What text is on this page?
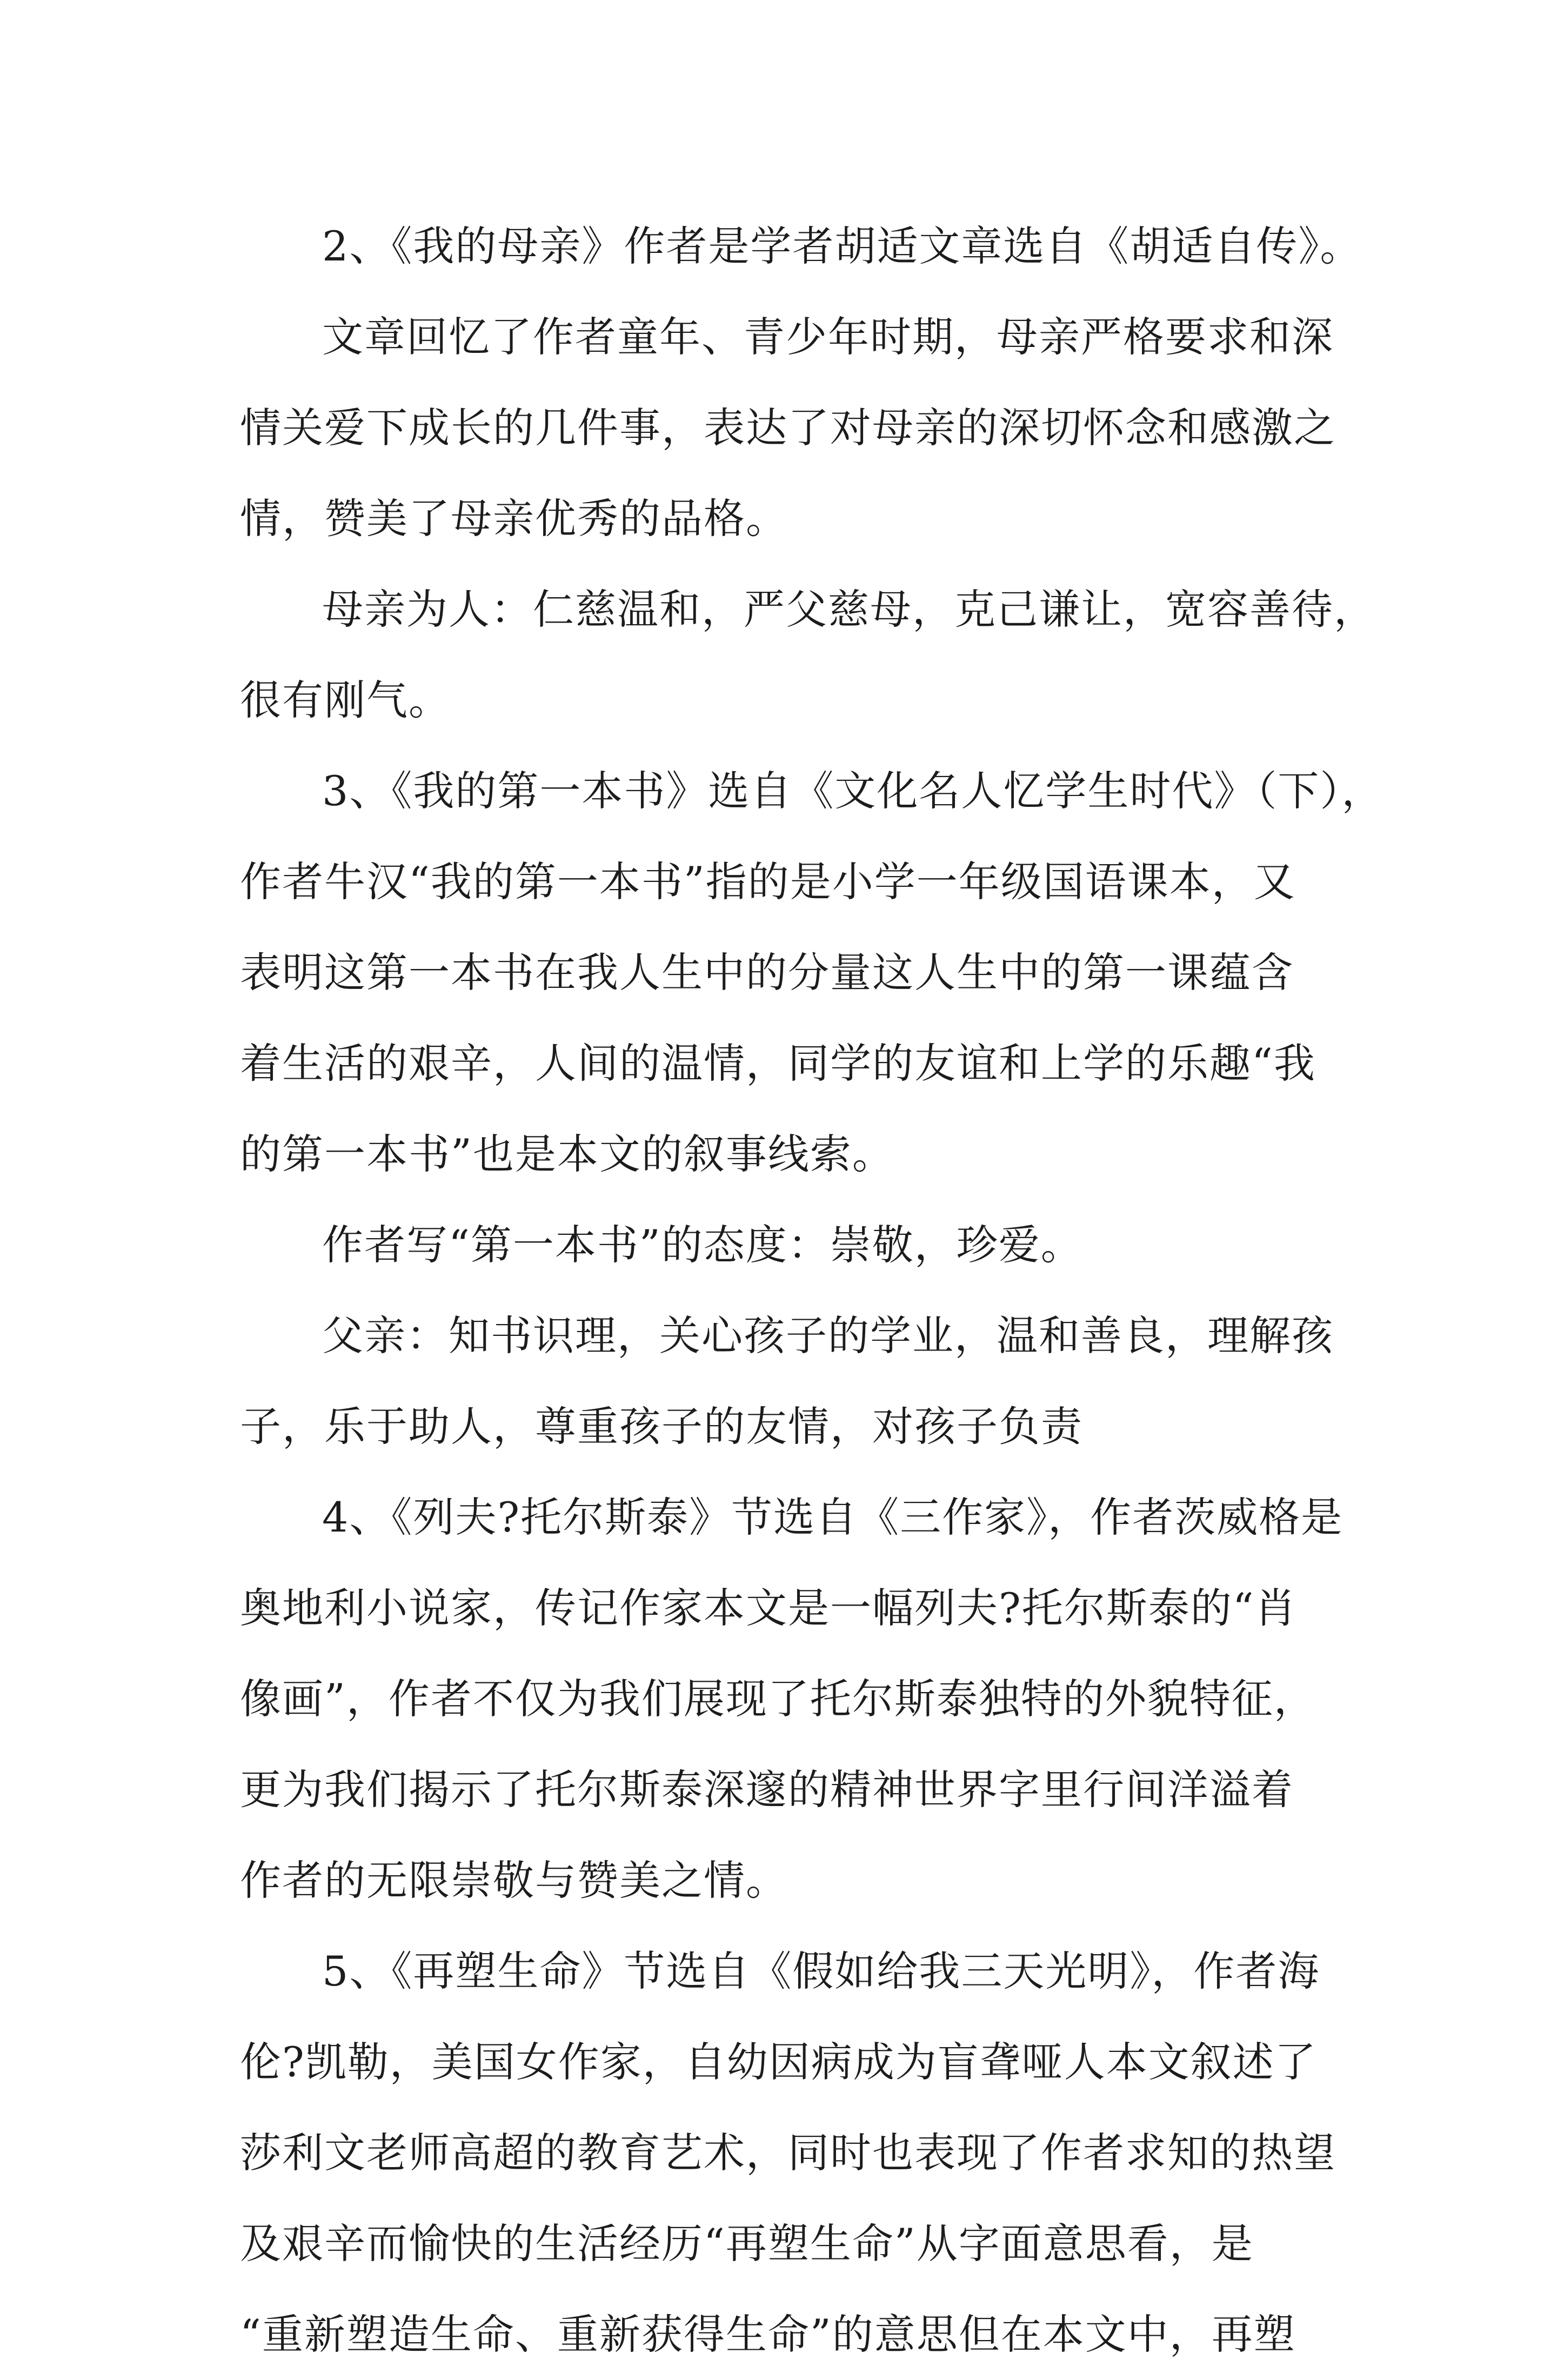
2、《我的母亲》作者是学者胡适文章选自《胡适自传》。
文章回忆了作者童年、青少年时期，母亲严格要求和深
情关爱下成长的几件事，表达了对母亲的深切怀念和感激之
情，赞美了母亲优秀的品格。
母亲为人：仁慈温和，严父慈母，克己谦让，宽容善待，
很有刚气。
3、《我的第一本书》选自《文化名人忆学生时代》（下），
作者牛汉“我的第一本书”指的是小学一年级国语课本，又
表明这第一本书在我人生中的分量这人生中的第一课蕴含
着生活的艰辛，人间的温情，同学的友谊和上学的乐趣“我
的第一本书”也是本文的叙事线索。
作者写“第一本书”的态度：崇敬，珍爱。
父亲：知书识理，关心孩子的学业，温和善良，理解孩
子，乐于助人，尊重孩子的友情，对孩子负责
4、《列夫?托尔斯泰》节选自《三作家》，作者茨威格是
奥地利小说家，传记作家本文是一幅列夫?托尔斯泰的“肖
像画”，作者不仅为我们展现了托尔斯泰独特的外貌特征，
更为我们揭示了托尔斯泰深邃的精神世界字里行间洋溢着
作者的无限崇敬与赞美之情。
5、《再塑生命》节选自《假如给我三天光明》，作者海
伦?凯勒，美国女作家，自幼因病成为盲聋哑人本文叙述了
莎利文老师高超的教育艺术，同时也表现了作者求知的热望
及艰辛而愉快的生活经历“再塑生命”从字面意思看，是
“重新塑造生命、重新获得生命”的意思但在本文中，再塑
